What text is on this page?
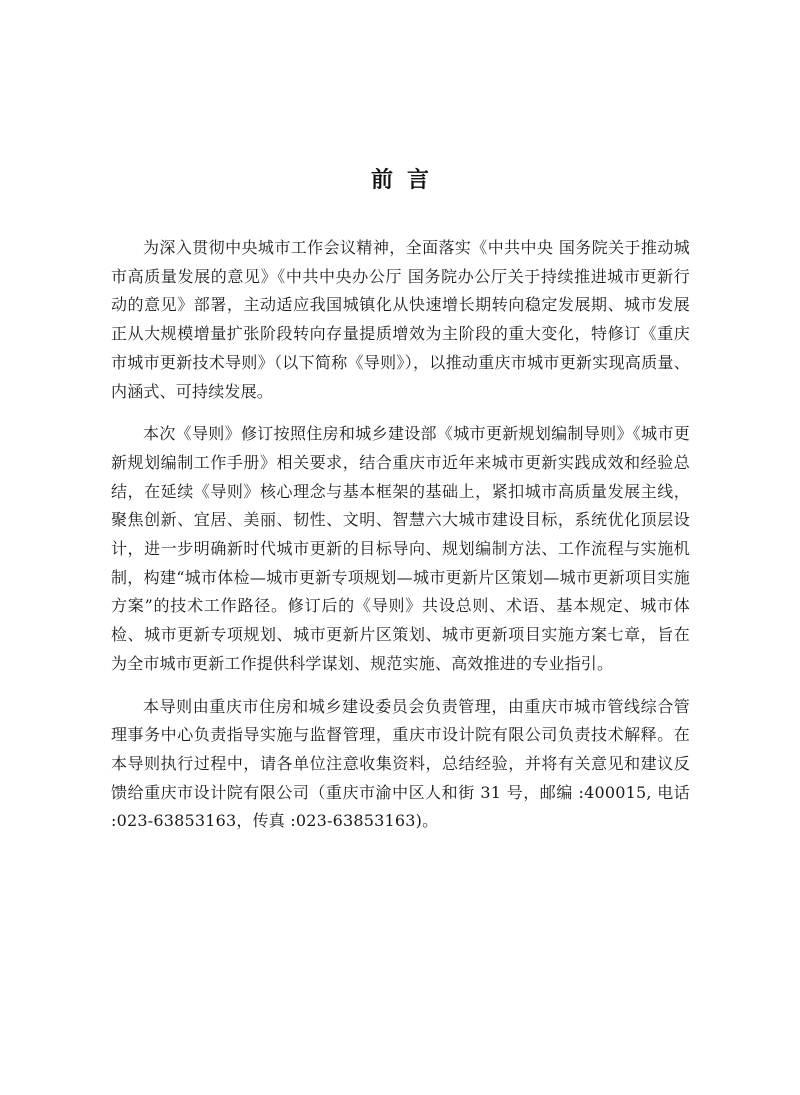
前言

为深入贯彻中央城市工作会议精神，全面落实《中共中央 国务院关于推动城市高质量发展的意见》《中共中央办公厅 国务院办公厅关于持续推进城市更新行动的意见》部署，主动适应我国城镇化从快速增长期转向稳定发展期、城市发展正从大规模增量扩张阶段转向存量提质增效为主阶段的重大变化，特修订《重庆市城市更新技术导则》（以下简称《导则》），以推动重庆市城市更新实现高质量、内涵式、可持续发展。

本次《导则》修订按照住房和城乡建设部《城市更新规划编制导则》《城市更新规划编制工作手册》相关要求，结合重庆市近年来城市更新实践成效和经验总结，在延续《导则》核心理念与基本框架的基础上，紧扣城市高质量发展主线，聚焦创新、宜居、美丽、韧性、文明、智慧六大城市建设目标，系统优化顶层设计，进一步明确新时代城市更新的目标导向、规划编制方法、工作流程与实施机制，构建“城市体检—城市更新专项规划—城市更新片区策划—城市更新项目实施方案”的技术工作路径。修订后的《导则》共设总则、术语、基本规定、城市体检、城市更新专项规划、城市更新片区策划、城市更新项目实施方案七章，旨在为全市城市更新工作提供科学谋划、规范实施、高效推进的专业指引。

本导则由重庆市住房和城乡建设委员会负责管理，由重庆市城市管线综合管理事务中心负责指导实施与监督管理，重庆市设计院有限公司负责技术解释。在本导则执行过程中，请各单位注意收集资料，总结经验，并将有关意见和建议反馈给重庆市设计院有限公司（重庆市渝中区人和街 31 号，邮编 :400015, 电话 :023-63853163，传真 :023-63853163)。
